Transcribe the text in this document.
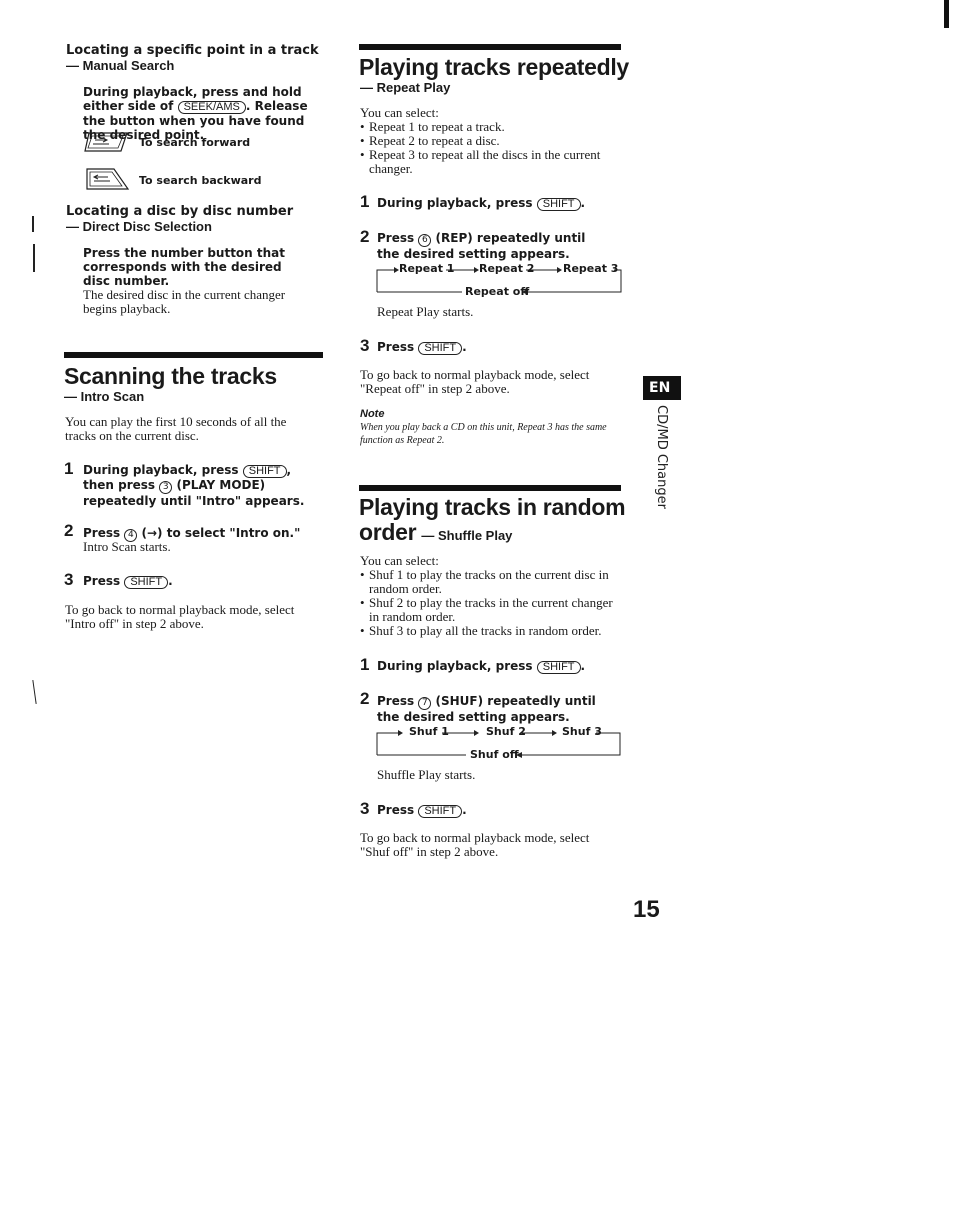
Locating a specific point in a track
— Manual Search
During playback, press and hold either side of SEEK/AMS . Release the button when you have found the desired point.
To search forward
To search backward
Locating a disc by disc number
— Direct Disc Selection
Press the number button that corresponds with the desired disc number.
The desired disc in the current changer begins playback.
Scanning the tracks
— Intro Scan
You can play the first 10 seconds of all the tracks on the current disc.
1 During playback, press SHIFT , then press 3 (PLAY MODE) repeatedly until "Intro" appears.
2 Press 4 (→) to select "Intro on."
Intro Scan starts.
3 Press SHIFT .
To go back to normal playback mode, select "Intro off" in step 2 above.
Playing tracks repeatedly
— Repeat Play
You can select:
• Repeat 1 to repeat a track.
• Repeat 2 to repeat a disc.
• Repeat 3 to repeat all the discs in the current changer.
1 During playback, press SHIFT .
2 Press 6 (REP) repeatedly until the desired setting appears.
Repeat 1 Repeat 2	Repeat 3
Repeat off
Repeat Play starts.
3 Press SHIFT .
To go back to normal playback mode, select "Repeat off" in step 2 above.
Note
When you play back a CD on this unit, Repeat 3 has the same function as Repeat 2.
Playing tracks in random
order — Shuffle Play
You can select:
• Shuf 1 to play the tracks on the current disc in random order.
• Shuf 2 to play the tracks in the current changer in random order.
• Shuf 3 to play all the tracks in random order.
1 During playback, press SHIFT .
2 Press 7 (SHUF) repeatedly until the desired setting appears.
Shuf 1	Shuf 2	Shuf 3
Shuf off
Shuffle Play starts.
3 Press SHIFT .
To go back to normal playback mode, select "Shuf off" in step 2 above.
EN
CD/MD Changer
15
